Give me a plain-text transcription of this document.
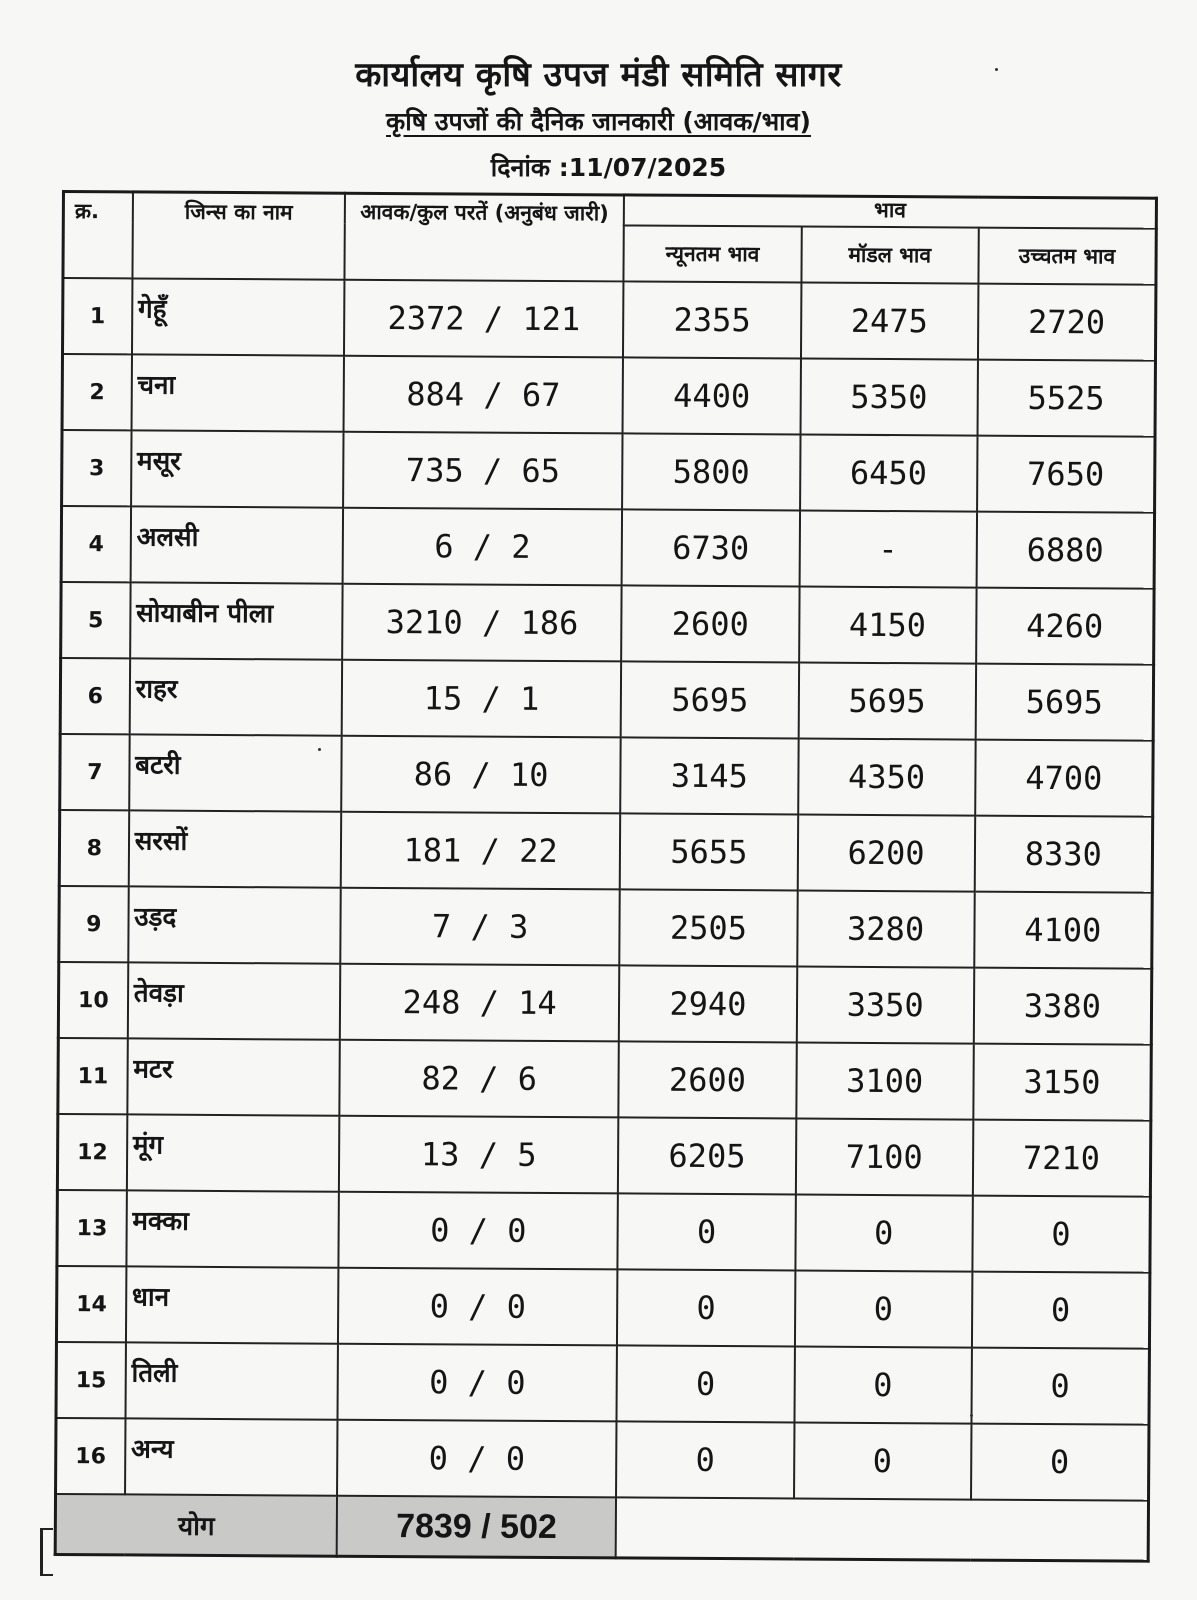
कार्यालय कृषि उपज मंडी समिति सागर
कृषि उपजों की दैनिक जानकारी (आवक/भाव)
दिनांक :11/07/2025
क्र.	जिन्स का नाम	आवक/कुल परतें (अनुबंध जारी)	भाव		
			न्यूनतम भाव	मॉडल भाव	उच्चतम भाव
1	गेहूँ	2372 / 121	2355	2475	2720
2	चना	884 / 67	4400	5350	5525
3	मसूर	735 / 65	5800	6450	7650
4	अलसी	6 / 2	6730	-	6880
5	सोयाबीन पीला	3210 / 186	2600	4150	4260
6	राहर	15 / 1	5695	5695	5695
7	बटरी	86 / 10	3145	4350	4700
8	सरसों	181 / 22	5655	6200	8330
9	उड़द	7 / 3	2505	3280	4100
10	तेवड़ा	248 / 14	2940	3350	3380
11	मटर	82 / 6	2600	3100	3150
12	मूंग	13 / 5	6205	7100	7210
13	मक्का	0 / 0	0	0	0
14	धान	0 / 0	0	0	0
15	तिली	0 / 0	0	0	0
16	अन्य	0 / 0	0	0	0
योग		7839 / 502			
